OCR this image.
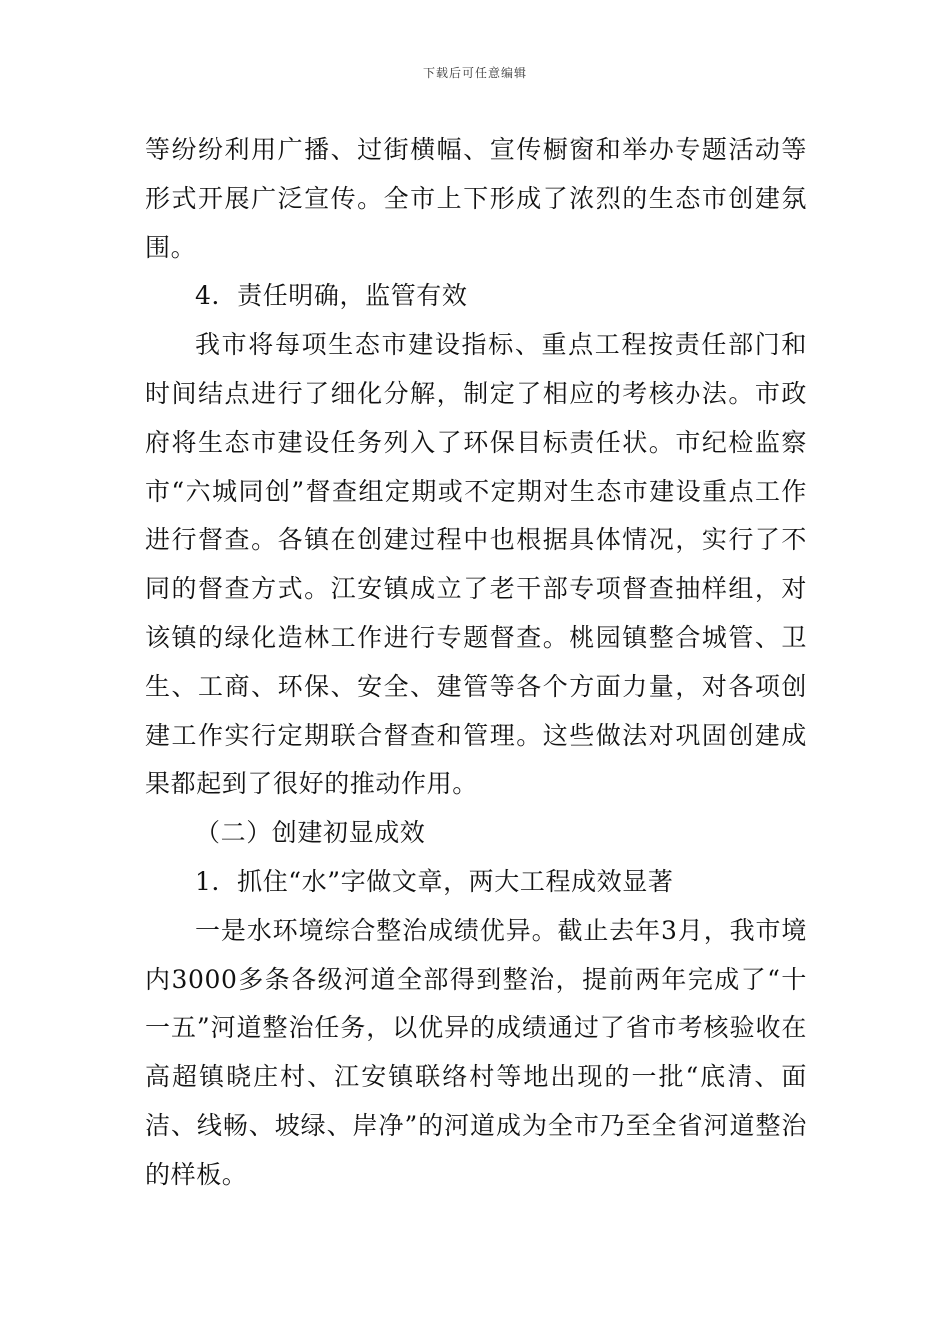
下载后可任意编辑

等纷纷利用广播、过街横幅、宣传橱窗和举办专题活动等形式开展广泛宣传。全市上下形成了浓烈的生态市创建氛围。

4．责任明确，监管有效

我市将每项生态市建设指标、重点工程按责任部门和时间结点进行了细化分解，制定了相应的考核办法。市政府将生态市建设任务列入了环保目标责任状。市纪检监察市“六城同创”督查组定期或不定期对生态市建设重点工作进行督查。各镇在创建过程中也根据具体情况，实行了不同的督查方式。江安镇成立了老干部专项督查抽样组，对该镇的绿化造林工作进行专题督查。桃园镇整合城管、卫生、工商、环保、安全、建管等各个方面力量，对各项创建工作实行定期联合督查和管理。这些做法对巩固创建成果都起到了很好的推动作用。

（二）创建初显成效

1．抓住“水”字做文章，两大工程成效显著

一是水环境综合整治成绩优异。截止去年3月，我市境内3000多条各级河道全部得到整治，提前两年完成了“十一五”河道整治任务，以优异的成绩通过了省市考核验收在高超镇晓庄村、江安镇联络村等地出现的一批“底清、面洁、线畅、坡绿、岸净”的河道成为全市乃至全省河道整治的样板。
